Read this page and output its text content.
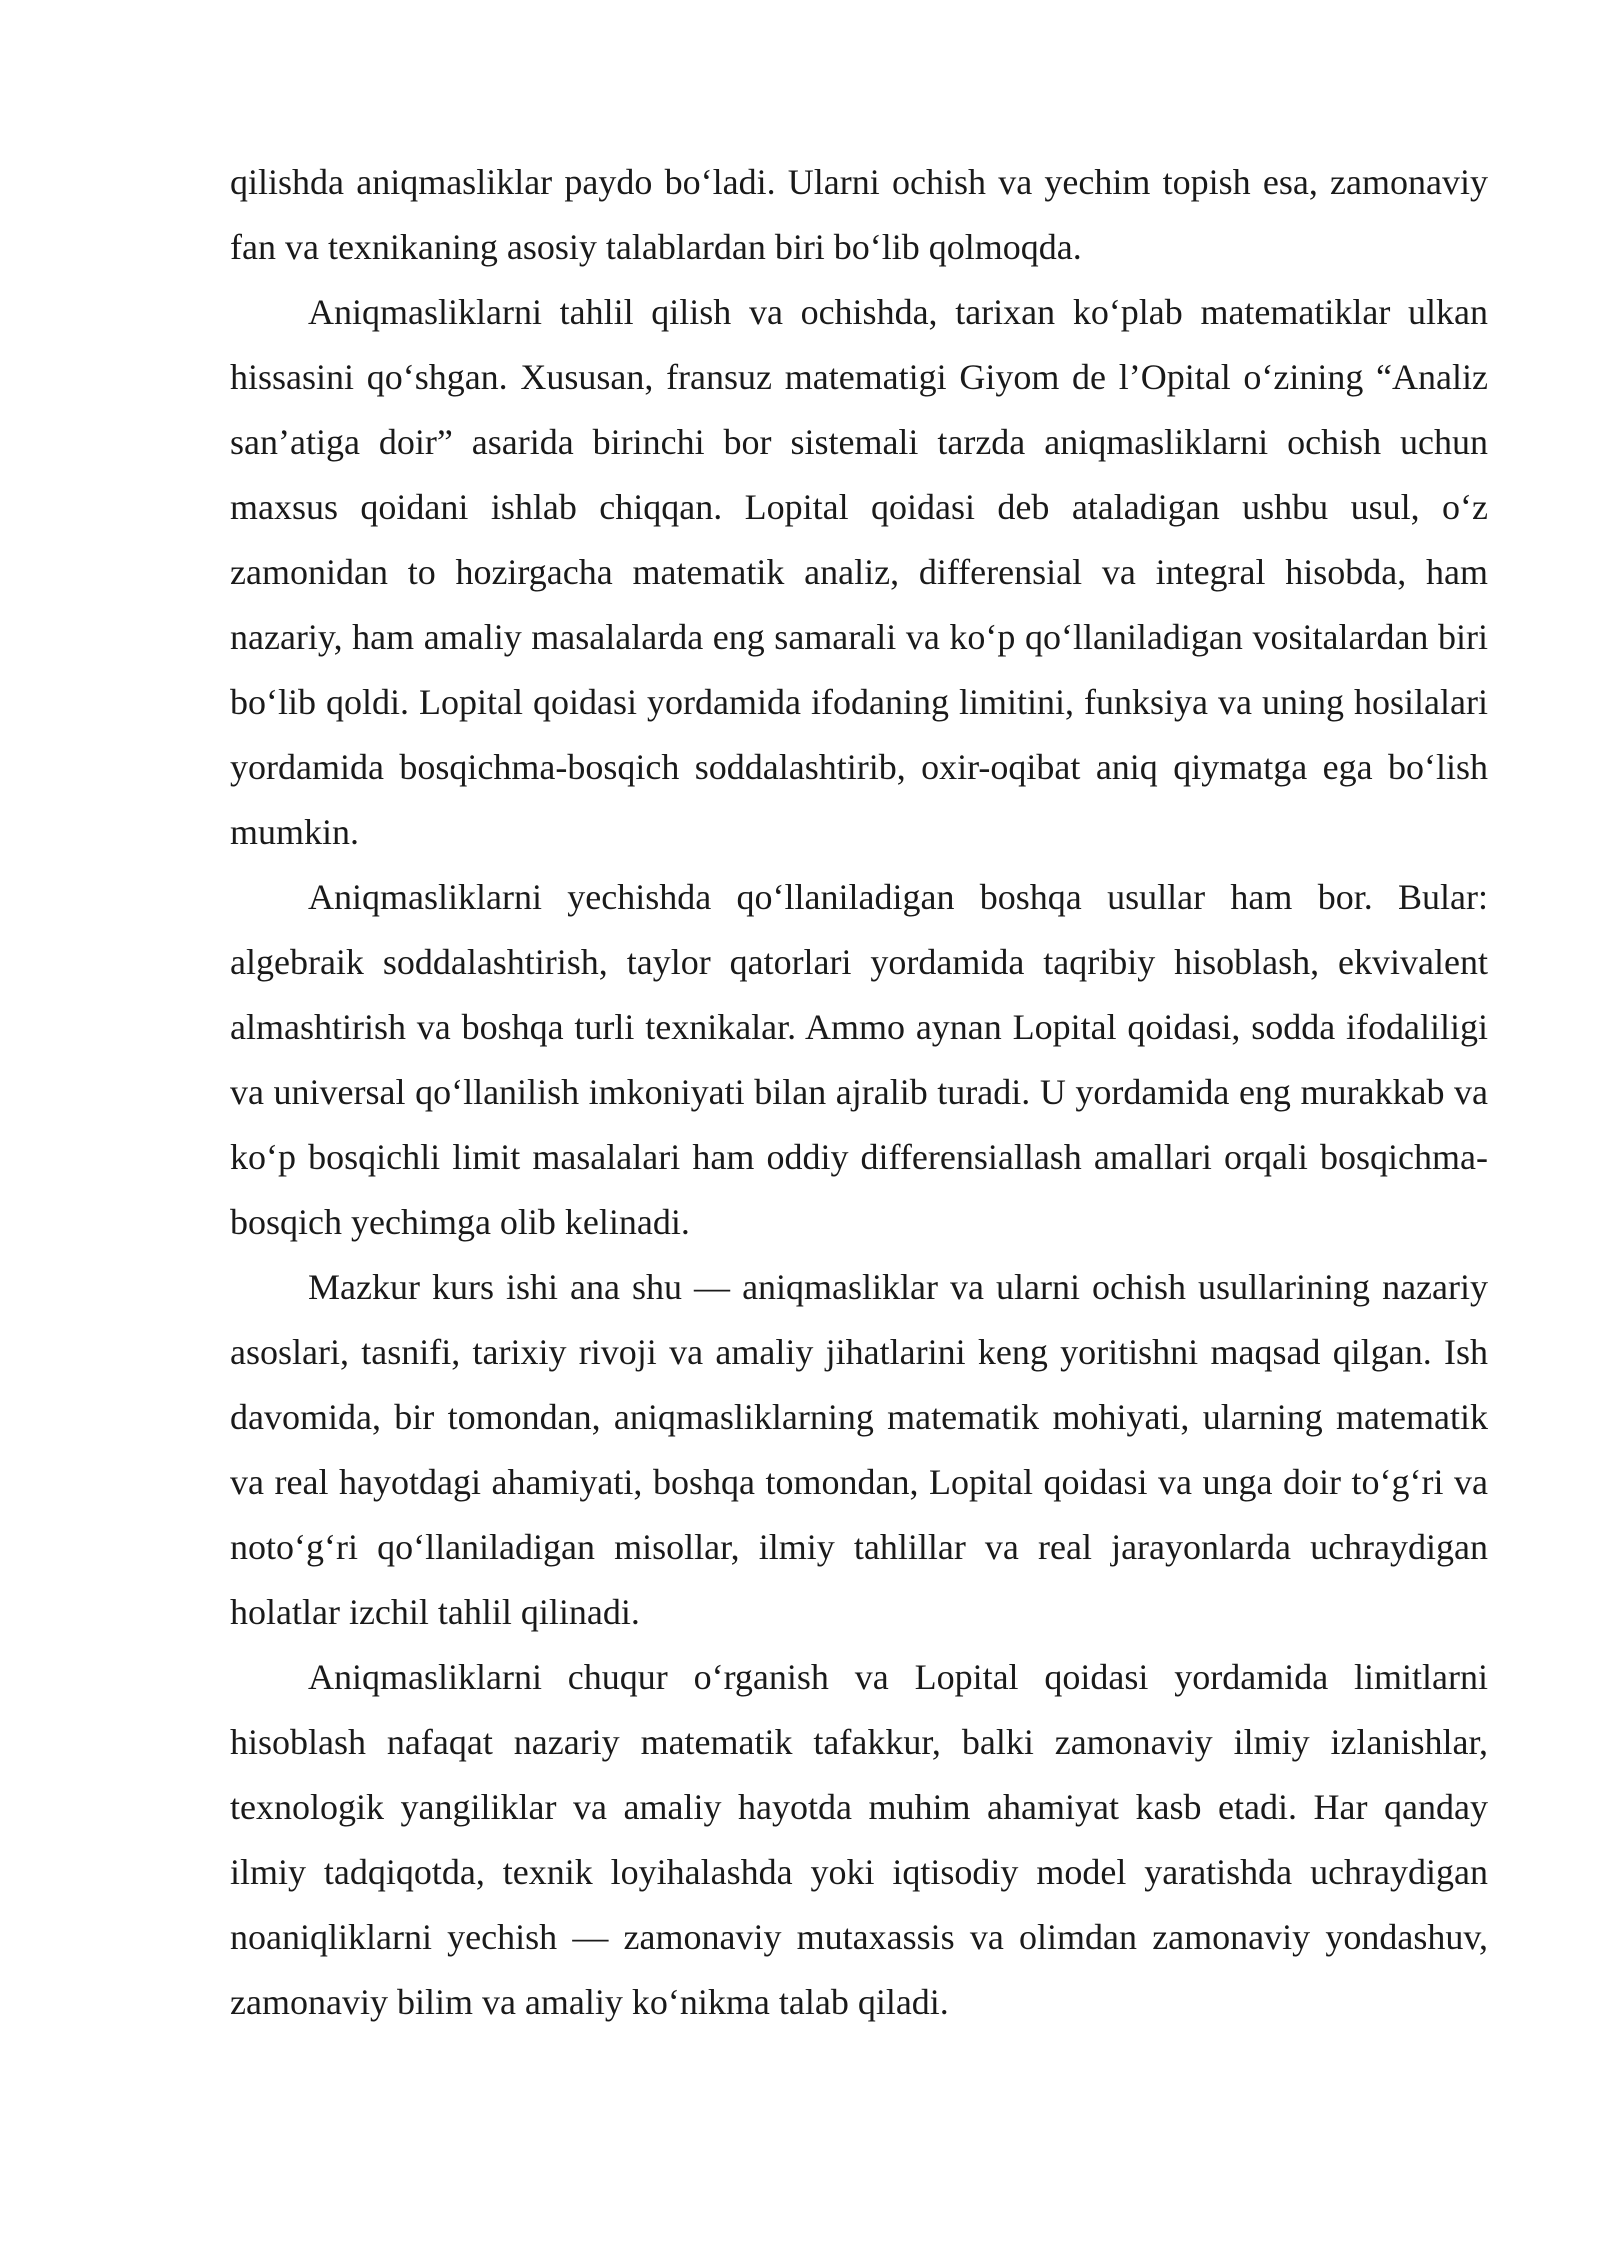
qilishda aniqmasliklar paydo bo‘ladi. Ularni ochish va yechim topish esa, zamonaviy fan va texnikaning asosiy talablardan biri bo‘lib qolmoqda.

Aniqmasliklarni tahlil qilish va ochishda, tarixan ko‘plab matematiklar ulkan hissasini qo‘shgan. Xususan, fransuz matematigi Giyom de l’Opital o‘zining “Analiz san’atiga doir” asarida birinchi bor sistemali tarzda aniqmasliklarni ochish uchun maxsus qoidani ishlab chiqqan. Lopital qoidasi deb ataladigan ushbu usul, o‘z zamonidan to hozirgacha matematik analiz, differensial va integral hisobda, ham nazariy, ham amaliy masalalarda eng samarali va ko‘p qo‘llaniladigan vositalardan biri bo‘lib qoldi. Lopital qoidasi yordamida ifodaning limitini, funksiya va uning hosilalari yordamida bosqichma-bosqich soddalashtirib, oxir-oqibat aniq qiymatga ega bo‘lish mumkin.

Aniqmasliklarni yechishda qo‘llaniladigan boshqa usullar ham bor. Bular: algebraik soddalashtirish, taylor qatorlari yordamida taqribiy hisoblash, ekvivalent almashtirish va boshqa turli texnikalar. Ammo aynan Lopital qoidasi, sodda ifodaliligi va universal qo‘llanilish imkoniyati bilan ajralib turadi. U yordamida eng murakkab va ko‘p bosqichli limit masalalari ham oddiy differensiallash amallari orqali bosqichma-bosqich yechimga olib kelinadi.

Mazkur kurs ishi ana shu — aniqmasliklar va ularni ochish usullarining nazariy asoslari, tasnifi, tarixiy rivoji va amaliy jihatlarini keng yoritishni maqsad qilgan. Ish davomida, bir tomondan, aniqmasliklarning matematik mohiyati, ularning matematik va real hayotdagi ahamiyati, boshqa tomondan, Lopital qoidasi va unga doir to‘g‘ri va noto‘g‘ri qo‘llaniladigan misollar, ilmiy tahlillar va real jarayonlarda uchraydigan holatlar izchil tahlil qilinadi.

Aniqmasliklarni chuqur o‘rganish va Lopital qoidasi yordamida limitlarni hisoblash nafaqat nazariy matematik tafakkur, balki zamonaviy ilmiy izlanishlar, texnologik yangiliklar va amaliy hayotda muhim ahamiyat kasb etadi. Har qanday ilmiy tadqiqotda, texnik loyihalashda yoki iqtisodiy model yaratishda uchraydigan noaniqliklarni yechish — zamonaviy mutaxassis va olimdan zamonaviy yondashuv, zamonaviy bilim va amaliy ko‘nikma talab qiladi.
